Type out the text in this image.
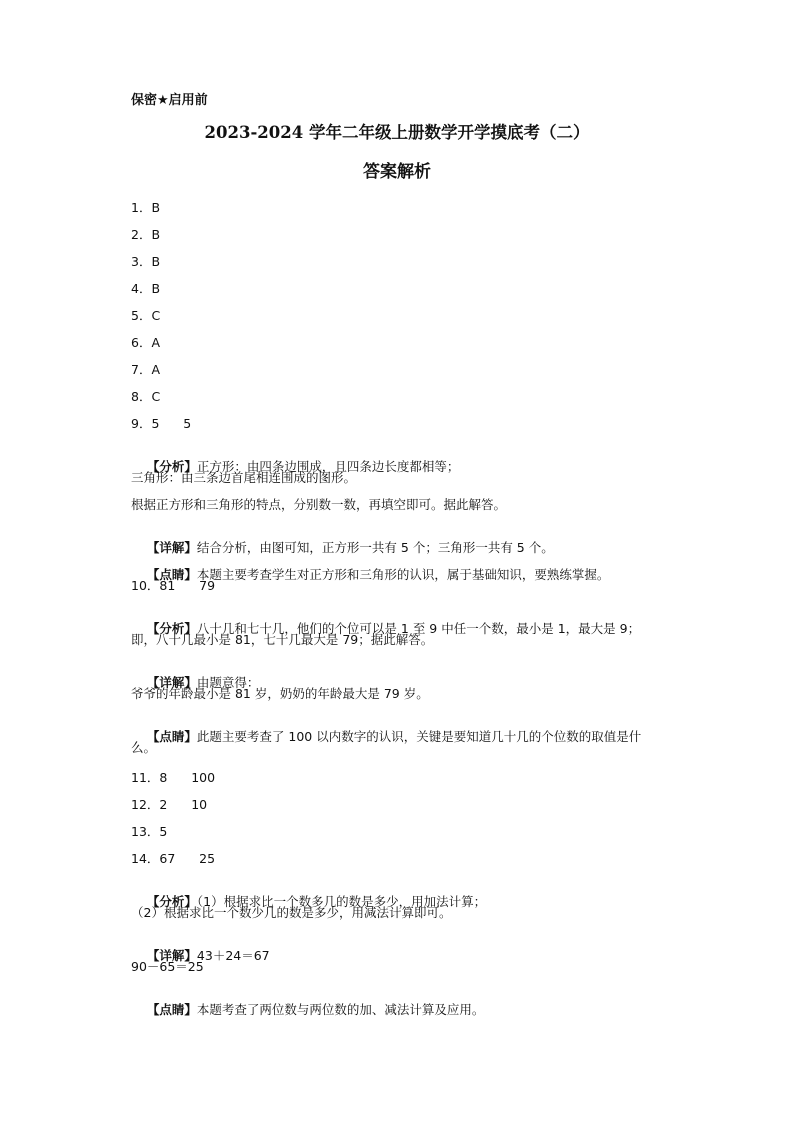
保密★启用前
2023-2024 学年二年级上册数学开学摸底考（二）
答案解析
1．B
2．B
3．B
4．B
5．C
6．A
7．A
8．C
9．5      5

【分析】正方形：由四条边围成，且四条边长度都相等；

三角形：由三条边首尾相连围成的图形。
根据正方形和三角形的特点，分别数一数，再填空即可。据此解答。

【详解】结合分析，由图可知，正方形一共有 5 个；三角形一共有 5 个。

【点睛】本题主要考查学生对正方形和三角形的认识，属于基础知识，要熟练掌握。

10．81      79

【分析】八十几和七十几，他们的个位可以是 1 至 9 中任一个数，最小是 1，最大是 9；

即，八十几最小是 81，七十几最大是 79；据此解答。

【详解】由题意得：

爷爷的年龄最小是 81 岁，奶奶的年龄最大是 79 岁。

【点睛】此题主要考查了 100 以内数字的认识，关键是要知道几十几的个位数的取值是什

么。
11．8      100
12．2      10
13．5
14．67      25

【分析】（1）根据求比一个数多几的数是多少，用加法计算；

（2）根据求比一个数少几的数是多少，用减法计算即可。

【详解】43＋24＝67

90－65＝25

【点睛】本题考查了两位数与两位数的加、减法计算及应用。
